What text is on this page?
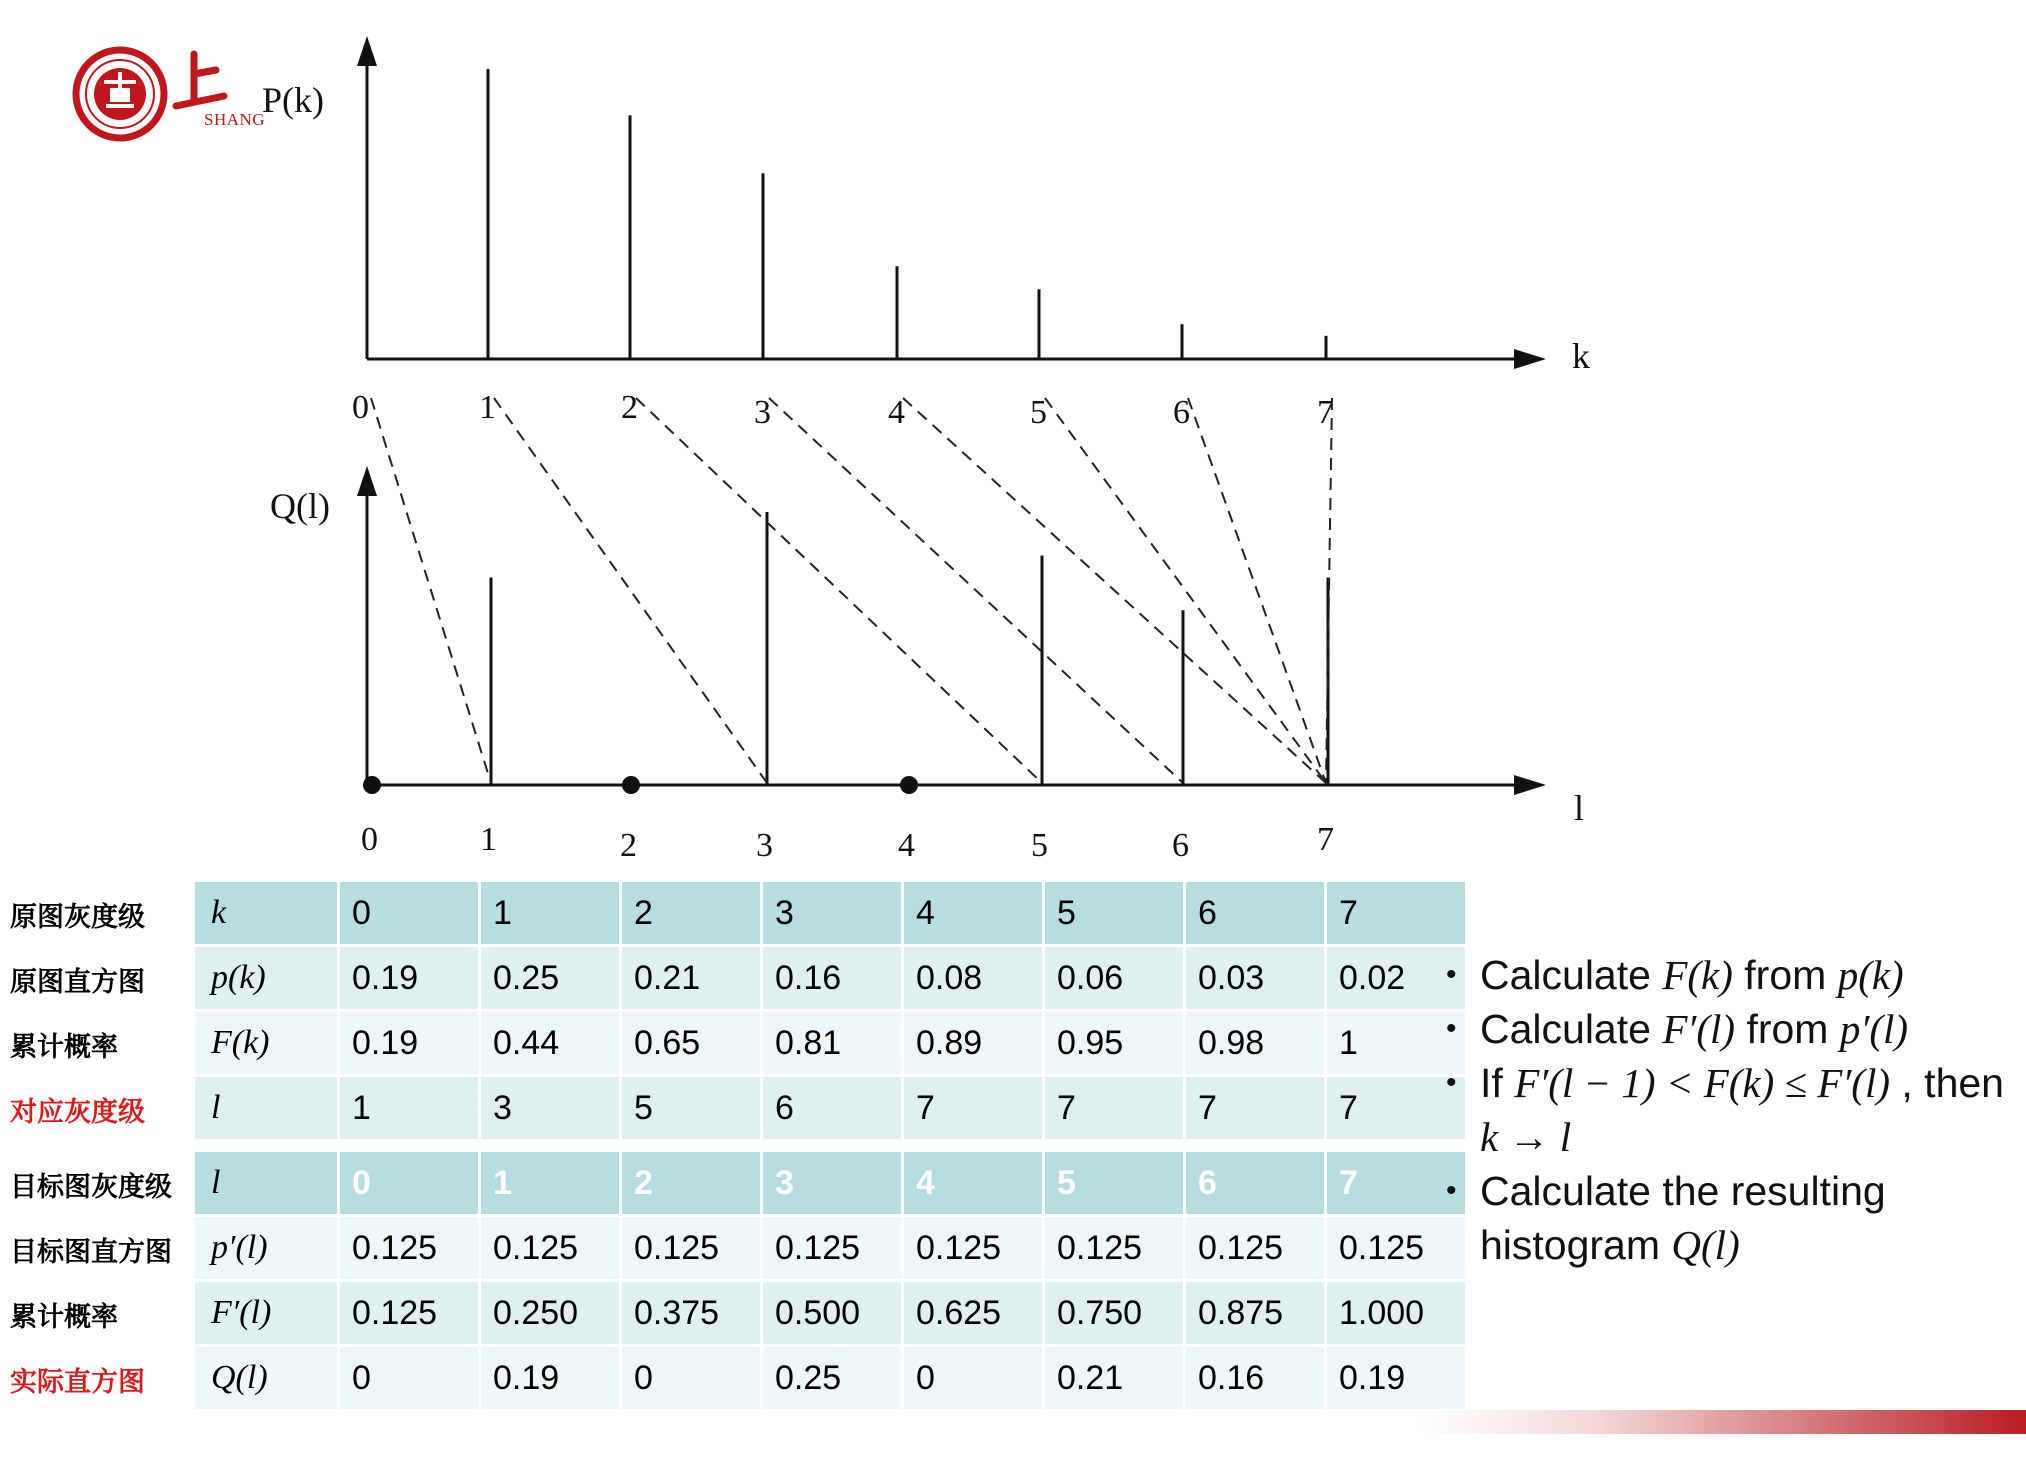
SHANG
0	1	2	3	4	5	6	7
0	1	2	3	4	5	6	7
P(k)
k
Q(l)
l
原图灰度级	k	0	1	2	3	4	5	6	7
原图直方图	p(k)	0.19	0.25	0.21	0.16	0.08	0.06	0.03	0.02
累计概率	F(k)	0.19	0.44	0.65	0.81	0.89	0.95	0.98	1
对应灰度级	l	1	3	5	6	7	7	7	7

目标图灰度级	l	0	1	2	3	4	5	6	7
目标图直方图	p′(l)	0.125	0.125	0.125	0.125	0.125	0.125	0.125	0.125
累计概率	F′(l)	0.125	0.250	0.375	0.500	0.625	0.750	0.875	1.000
实际直方图	Q(l)	0	0.19	0	0.25	0	0.21	0.16	0.19
• Calculate F(k) from p(k)
• Calculate F′(l) from p′(l)
• If F′(l − 1) < F(k) ≤ F′(l) , then k → l
• Calculate the resulting histogram Q(l)
